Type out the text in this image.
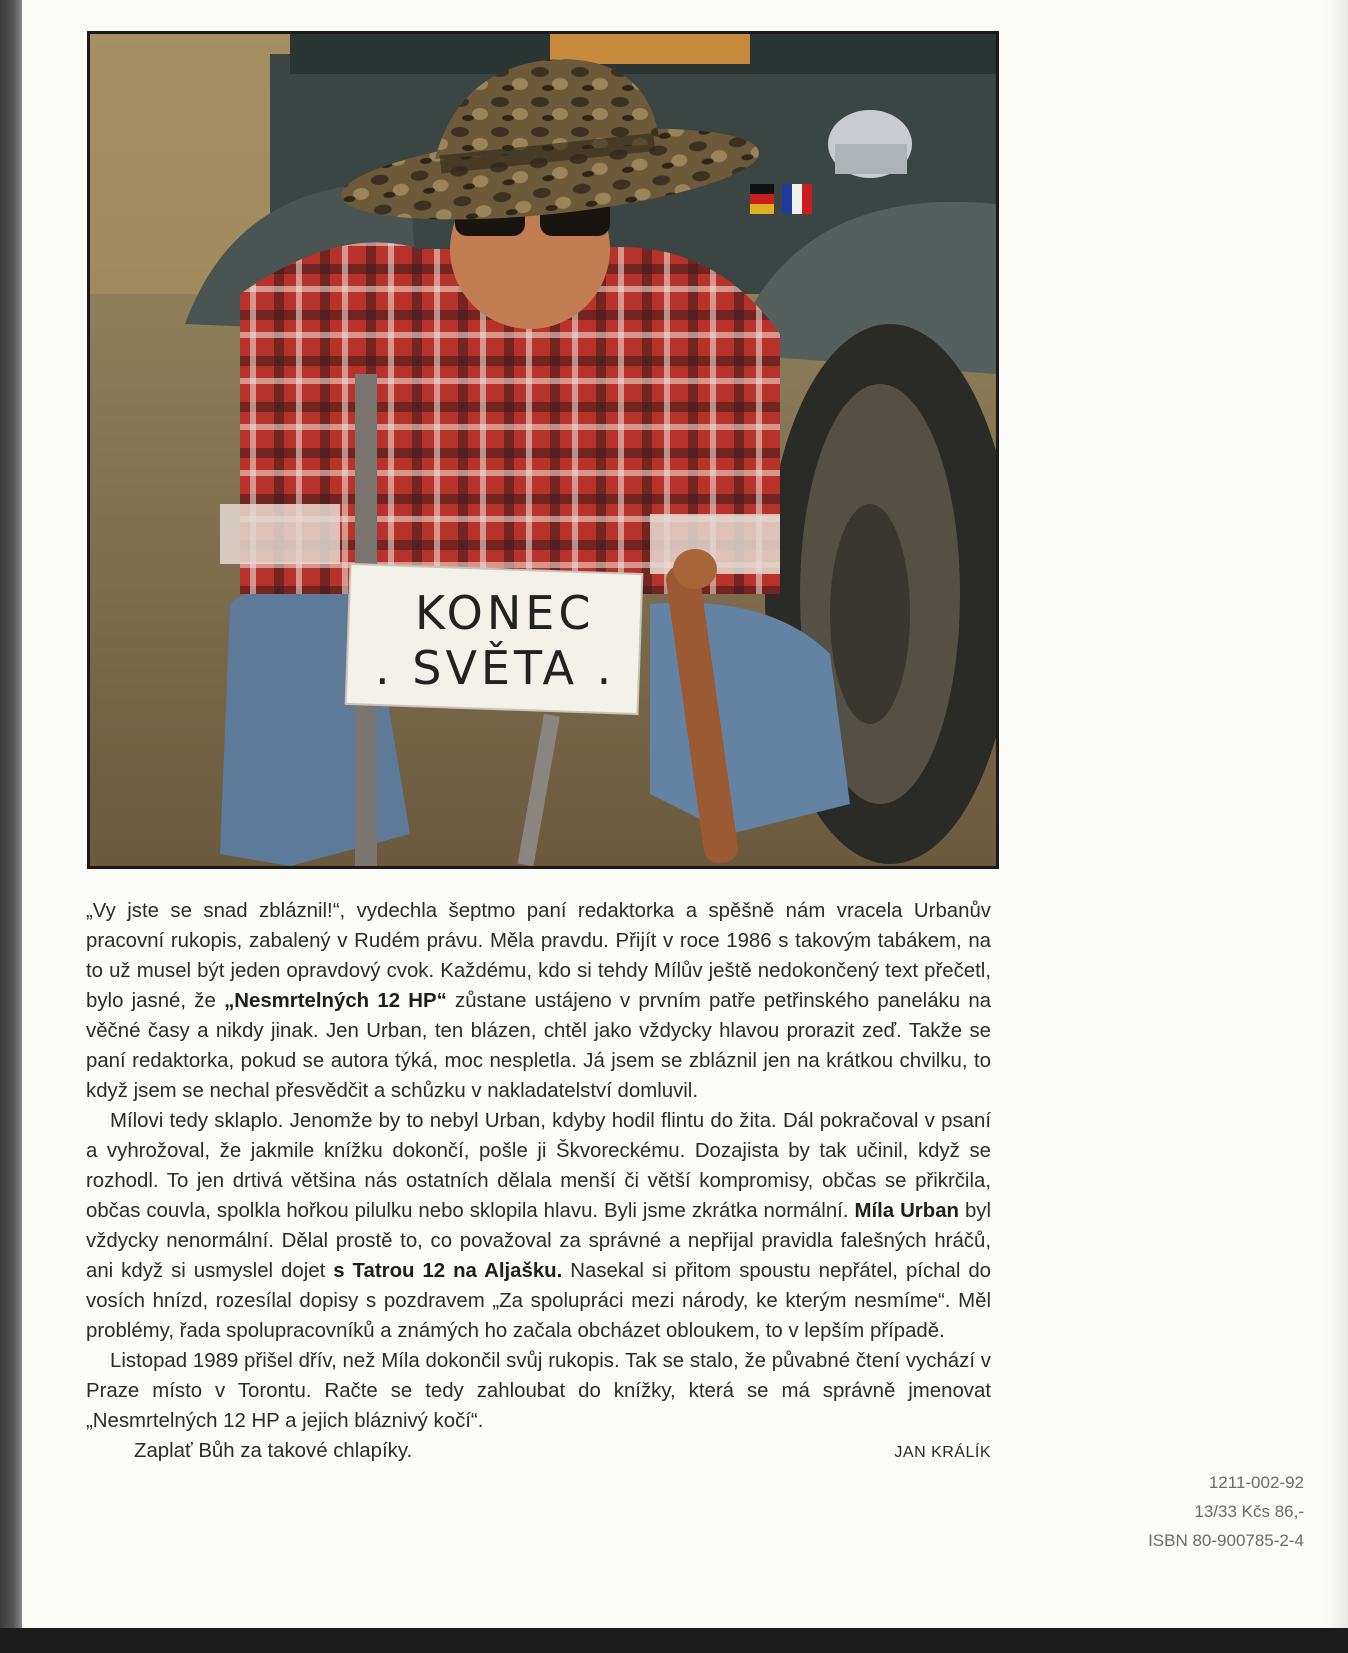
KONEC
. SVĚTA .

„Vy jste se snad zbláznil!“, vydechla šeptmo paní redaktorka a spěšně nám vracela Urbanův pracovní rukopis, zabalený v Rudém právu. Měla pravdu. Přijít v roce 1986 s takovým tabákem, na to už musel být jeden opravdový cvok. Každému, kdo si tehdy Mílův ještě nedokončený text přečetl, bylo jasné, že „Nesmrtelných 12 HP“ zůstane ustájeno v prvním patře petřinského paneláku na věčné časy a nikdy jinak. Jen Urban, ten blázen, chtěl jako vždycky hlavou prorazit zeď. Takže se paní redaktorka, pokud se autora týká, moc nespletla. Já jsem se zbláznil jen na krátkou chvilku, to když jsem se nechal přesvědčit a schůzku v nakladatelství domluvil.

Mílovi tedy sklaplo. Jenomže by to nebyl Urban, kdyby hodil flintu do žita. Dál pokračoval v psaní a vyhrožoval, že jakmile knížku dokončí, pošle ji Škvoreckému. Dozajista by tak učinil, když se rozhodl. To jen drtivá většina nás ostatních dělala menší či větší kompromisy, občas se přikrčila, občas couvla, spolkla hořkou pilulku nebo sklopila hlavu. Byli jsme zkrátka normální. Míla Urban byl vždycky nenormální. Dělal prostě to, co považoval za správné a nepřijal pravidla falešných hráčů, ani když si usmyslel dojet s Tatrou 12 na Aljašku. Nasekal si přitom spoustu nepřátel, píchal do vosích hnízd, rozesílal dopisy s pozdravem „Za spolupráci mezi národy, ke kterým nesmíme“. Měl problémy, řada spolupracovníků a známých ho začala obcházet obloukem, to v lepším případě.

Listopad 1989 přišel dřív, než Míla dokončil svůj rukopis. Tak se stalo, že půvabné čtení vychází v Praze místo v Torontu. Račte se tedy zahloubat do knížky, která se má správně jmenovat „Nesmrtelných 12 HP a jejich bláznivý kočí“.

Zaplať Bůh za takové chlapíky.	JAN KRÁLÍK

1211-002-92
13/33 Kčs 86,-
ISBN 80-900785-2-4
